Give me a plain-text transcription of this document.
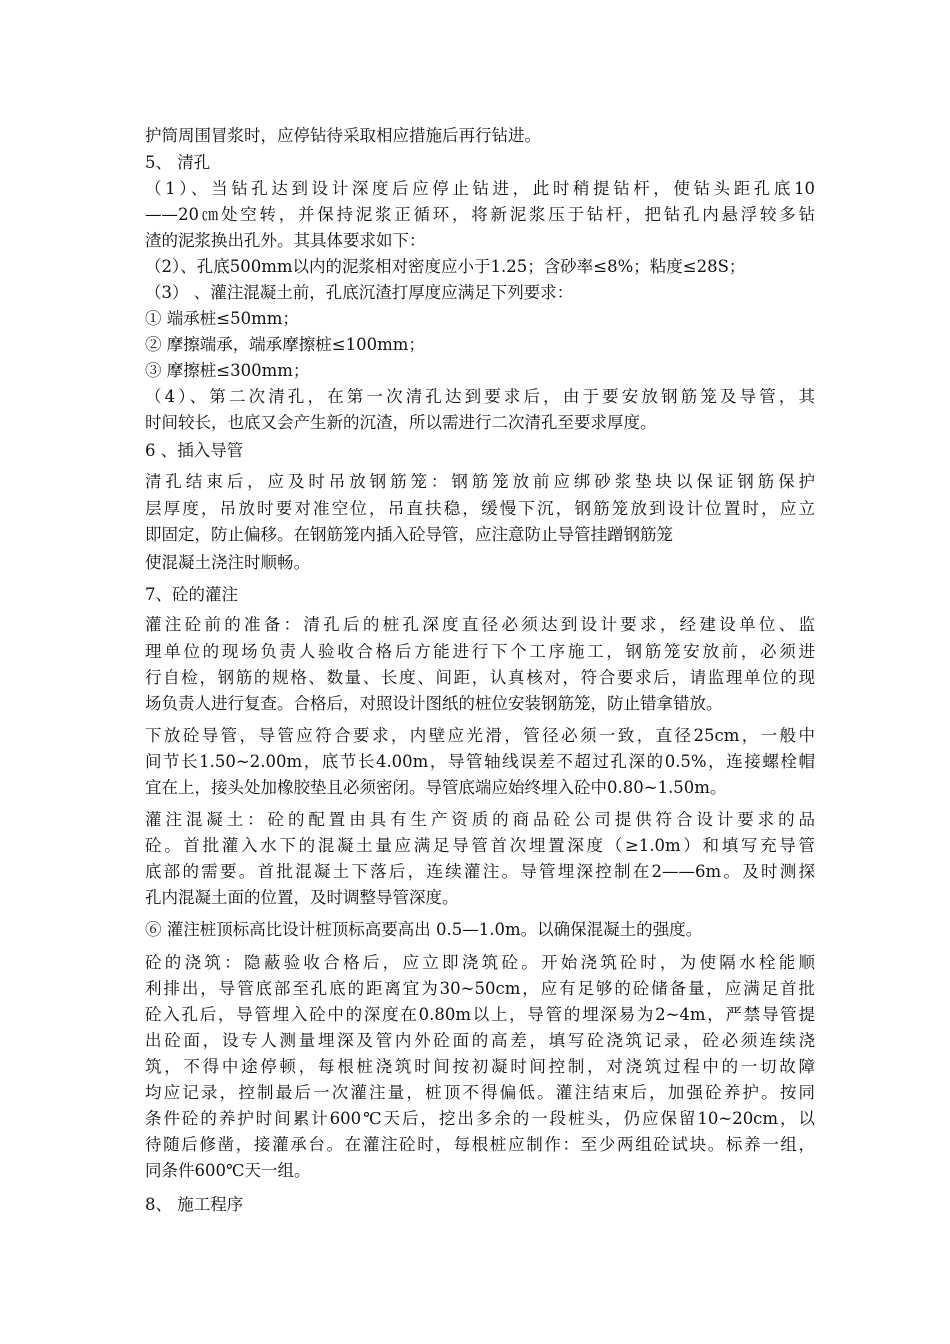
护筒周围冒浆时，应停钻待采取相应措施后再行钻进。
5、 清孔
（1）、当钻孔达到设计深度后应停止钻进，此时稍提钻杆，使钻头距孔底10
——20㎝处空转，并保持泥浆正循环，将新泥浆压于钻杆，把钻孔内悬浮较多钻
渣的泥浆换出孔外。其具体要求如下：
（2）、孔底500mm以内的泥浆相对密度应小于1.25；含砂率≤8%；粘度≤28S；
（3） 、灌注混凝土前，孔底沉渣打厚度应满足下列要求：
① 端承桩≤50mm；
② 摩擦端承，端承摩擦桩≤100mm；
③ 摩擦桩≤300mm；
（4）、第二次清孔，在第一次清孔达到要求后，由于要安放钢筋笼及导管，其
时间较长，也底又会产生新的沉渣，所以需进行二次清孔至要求厚度。
6 、插入导管
清孔结束后，应及时吊放钢筋笼：钢筋笼放前应绑砂浆垫块以保证钢筋保护
层厚度，吊放时要对准空位，吊直扶稳，缓慢下沉，钢筋笼放到设计位置时，应立
即固定，防止偏移。在钢筋笼内插入砼导管，应注意防止导管挂蹭钢筋笼
使混凝土浇注时顺畅。
7、砼的灌注
灌注砼前的准备：清孔后的桩孔深度直径必须达到设计要求，经建设单位、监
理单位的现场负责人验收合格后方能进行下个工序施工，钢筋笼安放前，必须进
行自检，钢筋的规格、数量、长度、间距，认真核对，符合要求后，请监理单位的现
场负责人进行复查。合格后，对照设计图纸的桩位安装钢筋笼，防止错拿错放。
下放砼导管，导管应符合要求，内壁应光滑，管径必须一致，直径25cm，一般中
间节长1.50~2.00m，底节长4.00m，导管轴线误差不超过孔深的0.5%，连接螺栓帽
宜在上，接头处加橡胶垫且必须密闭。导管底端应始终埋入砼中0.80~1.50m。
灌注混凝土：砼的配置由具有生产资质的商品砼公司提供符合设计要求的品
砼。首批灌入水下的混凝土量应满足导管首次埋置深度（≥1.0m）和填写充导管
底部的需要。首批混凝土下落后，连续灌注。导管埋深控制在2——6m。及时测探
孔内混凝土面的位置，及时调整导管深度。
⑥ 灌注桩顶标高比设计桩顶标高要高出 0.5—1.0m。以确保混凝土的强度。
砼的浇筑：隐蔽验收合格后，应立即浇筑砼。开始浇筑砼时，为使隔水栓能顺
利排出，导管底部至孔底的距离宜为30~50cm，应有足够的砼储备量，应满足首批
砼入孔后，导管埋入砼中的深度在0.80m以上，导管的埋深易为2~4m，严禁导管提
出砼面，设专人测量埋深及管内外砼面的高差，填写砼浇筑记录，砼必须连续浇
筑，不得中途停顿，每根桩浇筑时间按初凝时间控制，对浇筑过程中的一切故障
均应记录，控制最后一次灌注量，桩顶不得偏低。灌注结束后，加强砼养护。按同
条件砼的养护时间累计600℃天后，挖出多余的一段桩头，仍应保留10~20cm，以
待随后修凿，接灌承台。在灌注砼时，每根桩应制作：至少两组砼试块。标养一组，
同条件600℃天一组。
8、 施工程序
